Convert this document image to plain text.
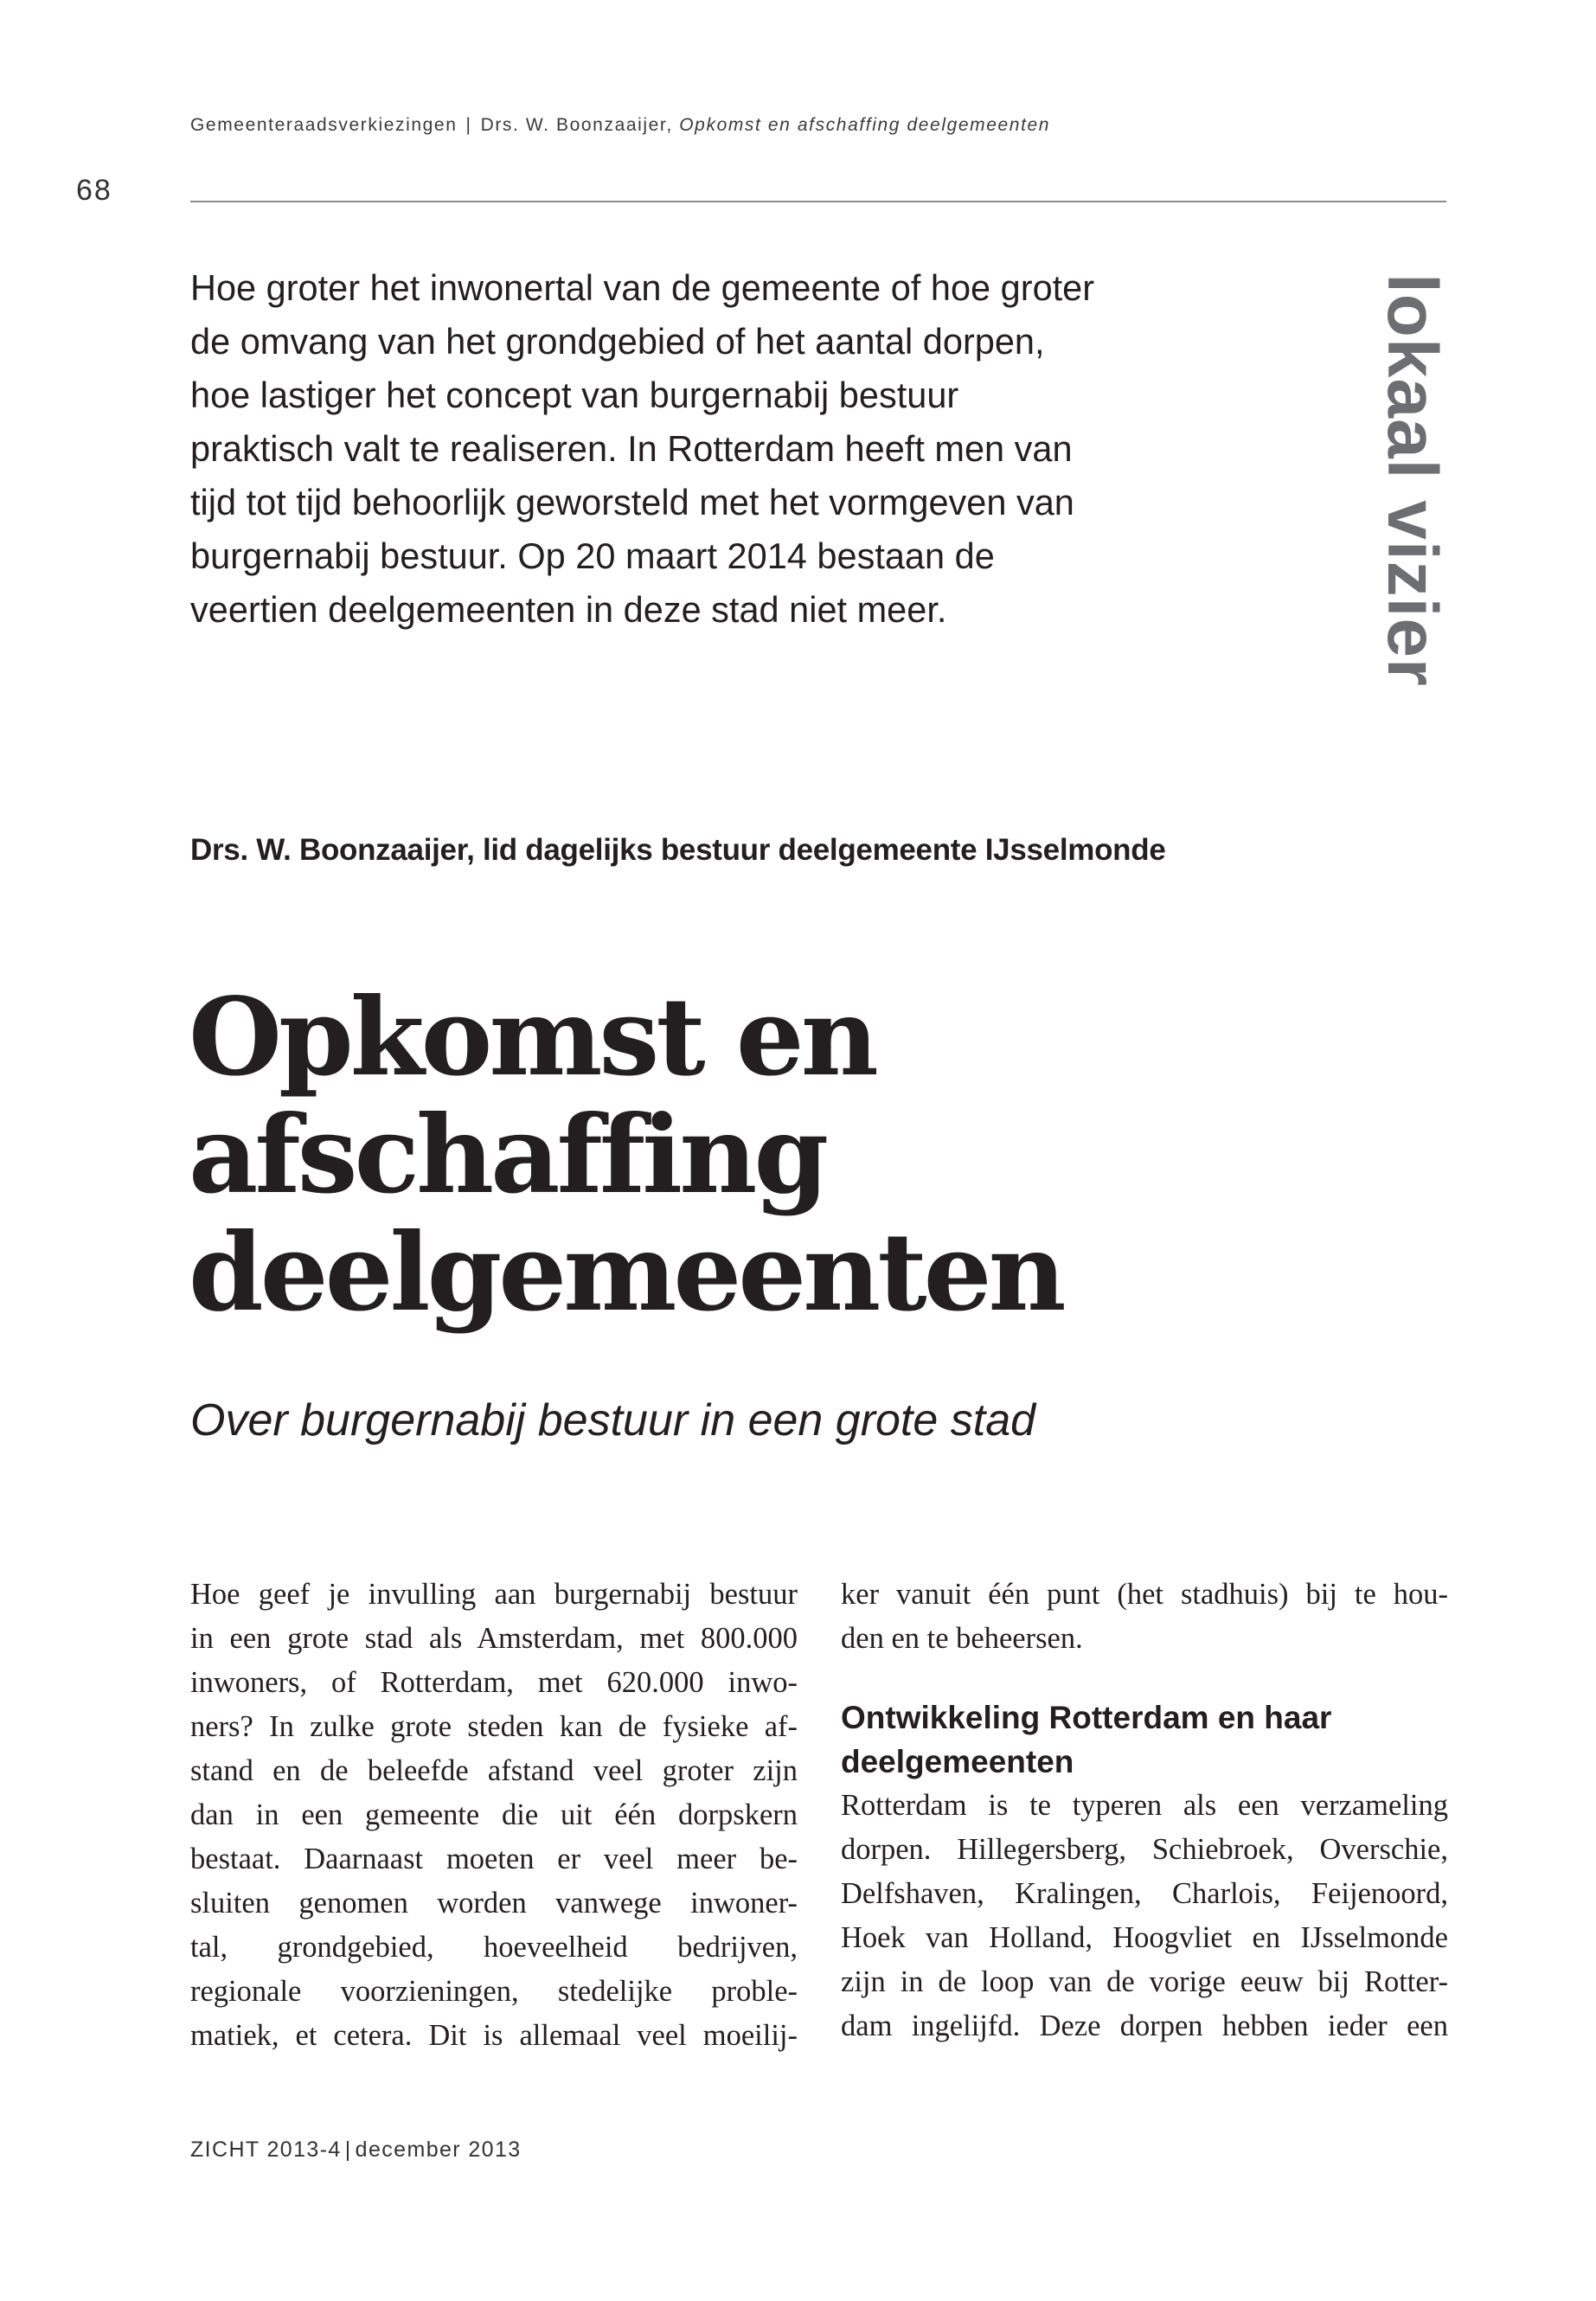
Gemeenteraadsverkiezingen | Drs. W. Boonzaaijer, Opkomst en afschaffing deelgemeenten
68

Hoe groter het inwonertal van de gemeente of hoe groter
de omvang van het grondgebied of het aantal dorpen,
hoe lastiger het concept van burgernabij bestuur
praktisch valt te realiseren. In Rotterdam heeft men van
tijd tot tijd behoorlijk geworsteld met het vormgeven van
burgernabij bestuur. Op 20 maart 2014 bestaan de
veertien deelgemeenten in deze stad niet meer.	lokaal vizier

Drs. W. Boonzaaijer, lid dagelijks bestuur deelgemeente IJsselmonde

Opkomst en
afschaffing
deelgemeenten

Over burgernabij bestuur in een grote stad

Hoe geef je invulling aan burgernabij bestuur
in een grote stad als Amsterdam, met 800.000
inwoners, of Rotterdam, met 620.000 inwo-
ners? In zulke grote steden kan de fysieke af-
stand en de beleefde afstand veel groter zijn
dan in een gemeente die uit één dorpskern
bestaat. Daarnaast moeten er veel meer be-
sluiten genomen worden vanwege inwoner-
tal, grondgebied, hoeveelheid bedrijven,
regionale voorzieningen, stedelijke proble-
matiek, et cetera. Dit is allemaal veel moeilij-
ker vanuit één punt (het stadhuis) bij te hou-
den en te beheersen.
Ontwikkeling Rotterdam en haar
deelgemeenten
Rotterdam is te typeren als een verzameling
dorpen. Hillegersberg, Schiebroek, Overschie,
Delfshaven, Kralingen, Charlois, Feijenoord,
Hoek van Holland, Hoogvliet en IJsselmonde
zijn in de loop van de vorige eeuw bij Rotter-
dam ingelijfd. Deze dorpen hebben ieder een
ZICHT 2013-4 | december 2013
